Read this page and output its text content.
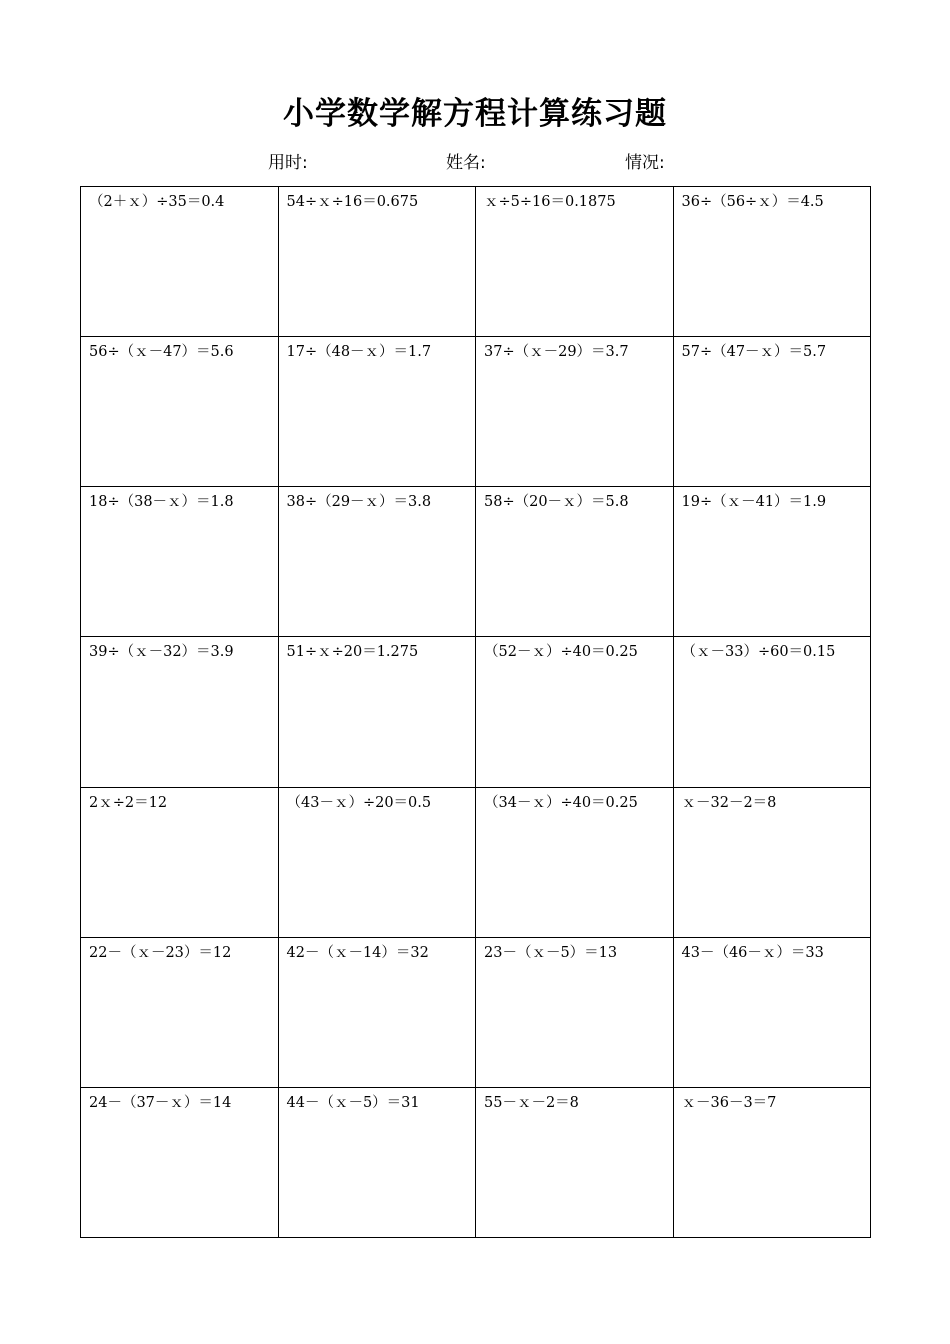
小学数学解方程计算练习题
用时:	姓名:	情况:
（2＋ｘ）÷35＝0.4	54÷ｘ÷16＝0.675	ｘ÷5÷16＝0.1875	36÷（56÷ｘ）＝4.5
56÷（ｘ－47）＝5.6	17÷（48－ｘ）＝1.7	37÷（ｘ－29）＝3.7	57÷（47－ｘ）＝5.7
18÷（38－ｘ）＝1.8	38÷（29－ｘ）＝3.8	58÷（20－ｘ）＝5.8	19÷（ｘ－41）＝1.9
39÷（ｘ－32）＝3.9	51÷ｘ÷20＝1.275	（52－ｘ）÷40＝0.25	（ｘ－33）÷60＝0.15
2ｘ÷2＝12	（43－ｘ）÷20＝0.5	（34－ｘ）÷40＝0.25	ｘ－32－2＝8
22－（ｘ－23）＝12	42－（ｘ－14）＝32	23－（ｘ－5）＝13	43－（46－ｘ）＝33
24－（37－ｘ）＝14	44－（ｘ－5）＝31	55－ｘ－2＝8	ｘ－36－3＝7
